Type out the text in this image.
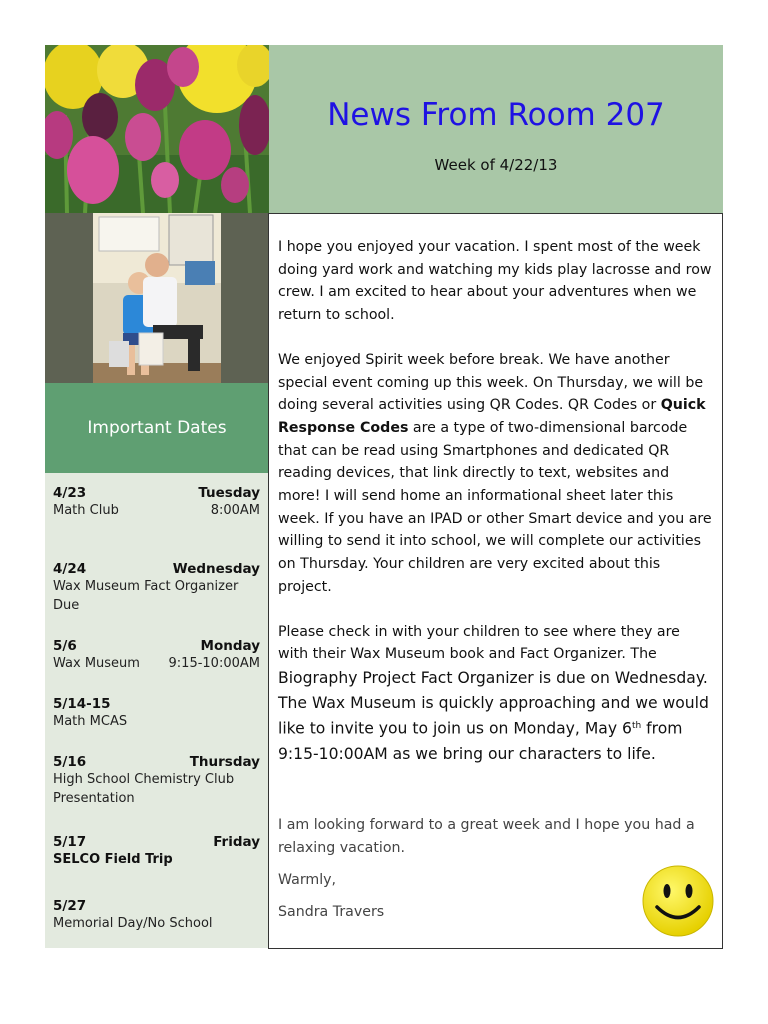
News From Room 207
Week of 4/22/13
Important Dates
4/23	Tuesday
Math Club	8:00AM
4/24	Wednesday
Wax Museum Fact Organizer Due
5/6	Monday
Wax Museum 9:15-10:00AM
5/14-15
Math MCAS
5/16	Thursday
High School Chemistry Club Presentation
5/17	Friday
SELCO Field Trip
5/27
Memorial Day/No School

I hope you enjoyed your vacation. I spent most of the week doing yard work and watching my kids play lacrosse and row crew. I am excited to hear about your adventures when we return to school.

We enjoyed Spirit week before break. We have another special event coming up this week. On Thursday, we will be doing several activities using QR Codes. QR Codes or Quick Response Codes are a type of two-dimensional barcode that can be read using Smartphones and dedicated QR reading devices, that link directly to text, websites and more! I will send home an informational sheet later this week. If you have an IPAD or other Smart device and you are willing to send it into school, we will complete our activities on Thursday. Your children are very excited about this project.

Please check in with your children to see where they are with their Wax Museum book and Fact Organizer. The Biography Project Fact Organizer is due on Wednesday. The Wax Museum is quickly approaching and we would like to invite you to join us on Monday, May 6th from 9:15-10:00AM as we bring our characters to life.

I am looking forward to a great week and I hope you had a relaxing vacation.
Warmly,
Sandra Travers
